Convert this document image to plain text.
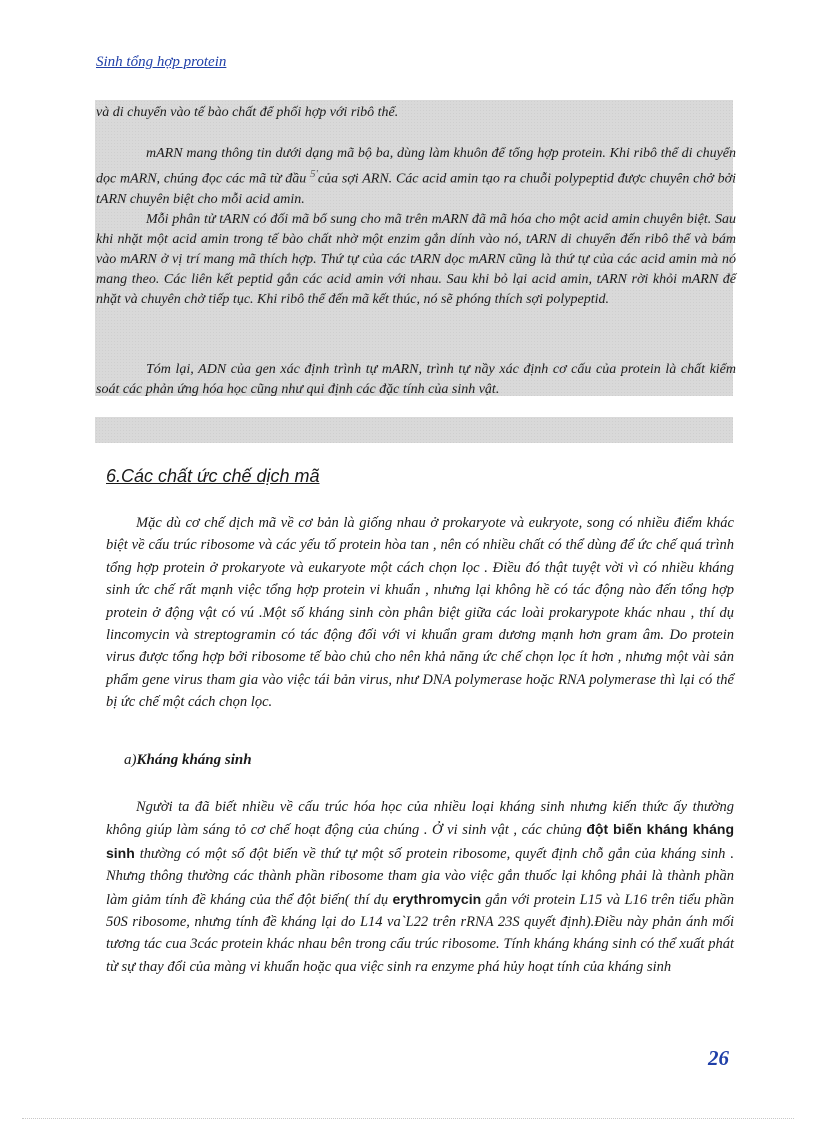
Sinh tổng hợp protein

và di chuyển vào tế bào chất để phối hợp với ribô thể.

mARN mang thông tin dưới dạng mã bộ ba, dùng làm khuôn để tổng hợp protein. Khi ribô thể di chuyển dọc mARN, chúng đọc các mã từ đầu $^{5'}$của sợi ARN. Các acid amin tạo ra chuỗi polypeptid được chuyên chở bởi tARN chuyên biệt cho mỗi acid amin.

Mỗi phân tử tARN có đối mã bổ sung cho mã trên mARN đã mã hóa cho một acid amin chuyên biệt. Sau khi nhặt một acid amin trong tế bào chất nhờ một enzim gắn dính vào nó, tARN di chuyển đến ribô thể và bám vào mARN ở vị trí mang mã thích hợp. Thứ tự của các tARN dọc mARN cũng là thứ tự của các acid amin mà nó mang theo. Các liên kết peptid gắn các acid amin với nhau. Sau khi bỏ lại acid amin, tARN rời khỏi mARN để nhặt và chuyên chở tiếp tục. Khi ribô thể đến mã kết thúc, nó sẽ phóng thích sợi polypeptid.

Tóm lại, ADN của gen xác định trình tự mARN, trình tự nầy xác định cơ cấu của protein là chất kiểm soát các phản ứng hóa học cũng như qui định các đặc tính của sinh vật.

6.Các chất ức chế dịch mã

Mặc dù cơ chế dịch mã về cơ bản là giống nhau ở prokaryote và eukryote, song có nhiều điểm khác biệt về cấu trúc ribosome và các yếu tố protein hòa tan , nên có nhiều chất có thể dùng để ức chế quá trình tổng hợp protein ở prokaryote và eukaryote một cách chọn lọc . Điều đó thật tuyệt vời vì có nhiều kháng sinh ức chế rất mạnh việc tổng hợp protein vi khuẩn , nhưng lại không hề có tác động nào đến tổng hợp protein ở động vật có vú .Một số kháng sinh còn phân biệt giữa các loài prokarypote khác nhau , thí dụ lincomycin và streptogramin có tác động đối với vi khuẩn gram dương mạnh hơn gram âm. Do protein virus được tổng hợp bởi ribosome tế bào chủ cho nên khả năng ức chế chọn lọc ít hơn , nhưng một vài sản phẩm gene virus tham gia vào việc tái bản virus, như DNA polymerase hoặc RNA polymerase thì lại có thể bị ức chế một cách chọn lọc.

a)Kháng kháng sinh

Người ta đã biết nhiều về cấu trúc hóa học của nhiều loại kháng sinh nhưng kiến thức ấy thường không giúp làm sáng tỏ cơ chế hoạt động của chúng . Ở vi sinh vật , các chủng đột biến kháng kháng sinh thường có một số đột biến về thứ tự một số protein ribosome, quyết định chỗ gắn của kháng sinh . Nhưng thông thường các thành phần ribosome tham gia vào việc gắn thuốc lại không phải là thành phần làm giảm tính đề kháng của thể đột biến( thí dụ erythromycin gắn với protein L15 và L16 trên tiểu phần 50S ribosome, nhưng tính đề kháng lại do L14 va`L22 trên rRNA 23S quyết định).Điều này phản ánh mối tương tác cua 3các protein khác nhau bên trong cấu trúc ribosome. Tính kháng kháng sinh có thể xuất phát từ sự thay đổi của màng vi khuẩn hoặc qua việc sinh ra enzyme phá hủy hoạt tính của kháng sinh

26
